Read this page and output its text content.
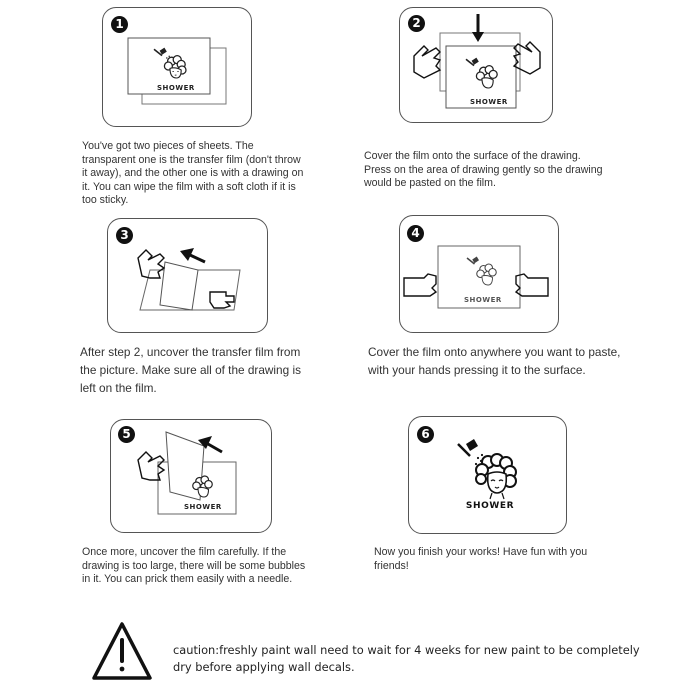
1
SHOWER
You've got two pieces of sheets. The transparent one is the transfer film (don't throw it away), and the other one is with a drawing on it. You can wipe the film with a soft cloth if it is too sticky.
2
SHOWER
Cover the film onto the surface of the drawing. Press on the area of drawing gently so the drawing would be pasted on the film.
3
After step 2, uncover the transfer film from the picture. Make sure all of the drawing is left on the film.
4
SHOWER
Cover the film onto anywhere you want to paste, with your hands pressing it to the surface.
5
SHOWER
Once more, uncover the film carefully. If the drawing is too large, there will be some bubbles in it. You can prick them easily with a needle.
6
SHOWER
Now you finish your works! Have fun with you friends!
caution:freshly paint wall need to wait for 4 weeks for new paint to be completely dry before applying wall decals.
